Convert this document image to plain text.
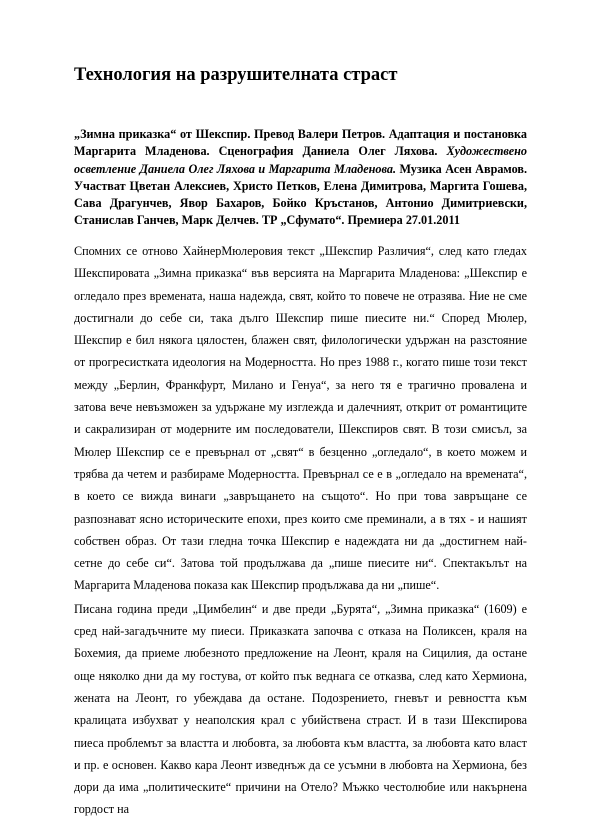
Технология на разрушителната страст

„Зимна приказка“ от Шекспир. Превод Валери Петров. Адаптация и постановка Маргарита Младенова. Сценография Даниела Олег Ляхова. Художествено осветление Даниела Олег Ляхова и Маргарита Младенова. Музика Асен Аврамов. Участват Цветан Алексиев, Христо Петков, Елена Димитрова, Маргита Гошева, Сава Драгунчев, Явор Бахаров, Бойко Кръстанов, Антонио Димитриевски, Станислав Ганчев, Марк Делчев. ТР „Сфумато“. Премиера 27.01.2011

Спомних се отново ХайнерМюлеровия текст „Шекспир Различия“, след като гледах Шекспировата „Зимна приказка“ във версията на Маргарита Младенова: „Шекспир е огледало през времената, наша надежда, свят, който то повече не отразява. Ние не сме достигнали до себе си, така дълго Шекспир пише пиесите ни.“ Според Мюлер, Шекспир е бил някога цялостен, блажен свят, филологически удържан на разстояние от прогресистката идеология на Модерността. Но през 1988 г., когато пише този текст между „Берлин, Франкфурт, Милано и Генуа“, за него тя е трагично провалена и затова вече невъзможен за удържане му изглежда и далечният, открит от романтиците и сакрализиран от модерните им последователи, Шекспиров свят. В този смисъл, за Мюлер Шекспир се е превърнал от „свят“ в безценно „огледало“, в което можем и трябва да четем и разбираме Модерността. Превърнал се е в „огледало на времената“, в което се вижда винаги „завръщането на същото“. Но при това завръщане се разпознават ясно историческите епохи, през които сме преминали, а в тях - и нашият собствен образ. От тази гледна точка Шекспир е надеждата ни да „достигнем най-сетне до себе си“. Затова той продължава да „пише пиесите ни“. Спектакълът на Маргарита Младенова показа как Шекспир продължава да ни „пише“.

Писана година преди „Цимбелин“ и две преди „Бурята“, „Зимна приказка“ (1609) е сред най-загадъчните му пиеси. Приказката започва с отказа на Поликсен, краля на Бохемия, да приеме любезното предложение на Леонт, краля на Сицилия, да остане още няколко дни да му гостува, от който пък веднага се отказва, след като Хермиона, жената на Леонт, го убеждава да остане. Подозрението, гневът и ревността към кралицата избухват у неаполския крал с убийствена страст. И в тази Шекспирова пиеса проблемът за властта и любовта, за любовта към властта, за любовта като власт и пр. е основен. Какво кара Леонт изведнъж да се усъмни в любовта на Хермиона, без дори да има „политическите“ причини на Отело? Мъжко честолюбие или накърнена гордост на
